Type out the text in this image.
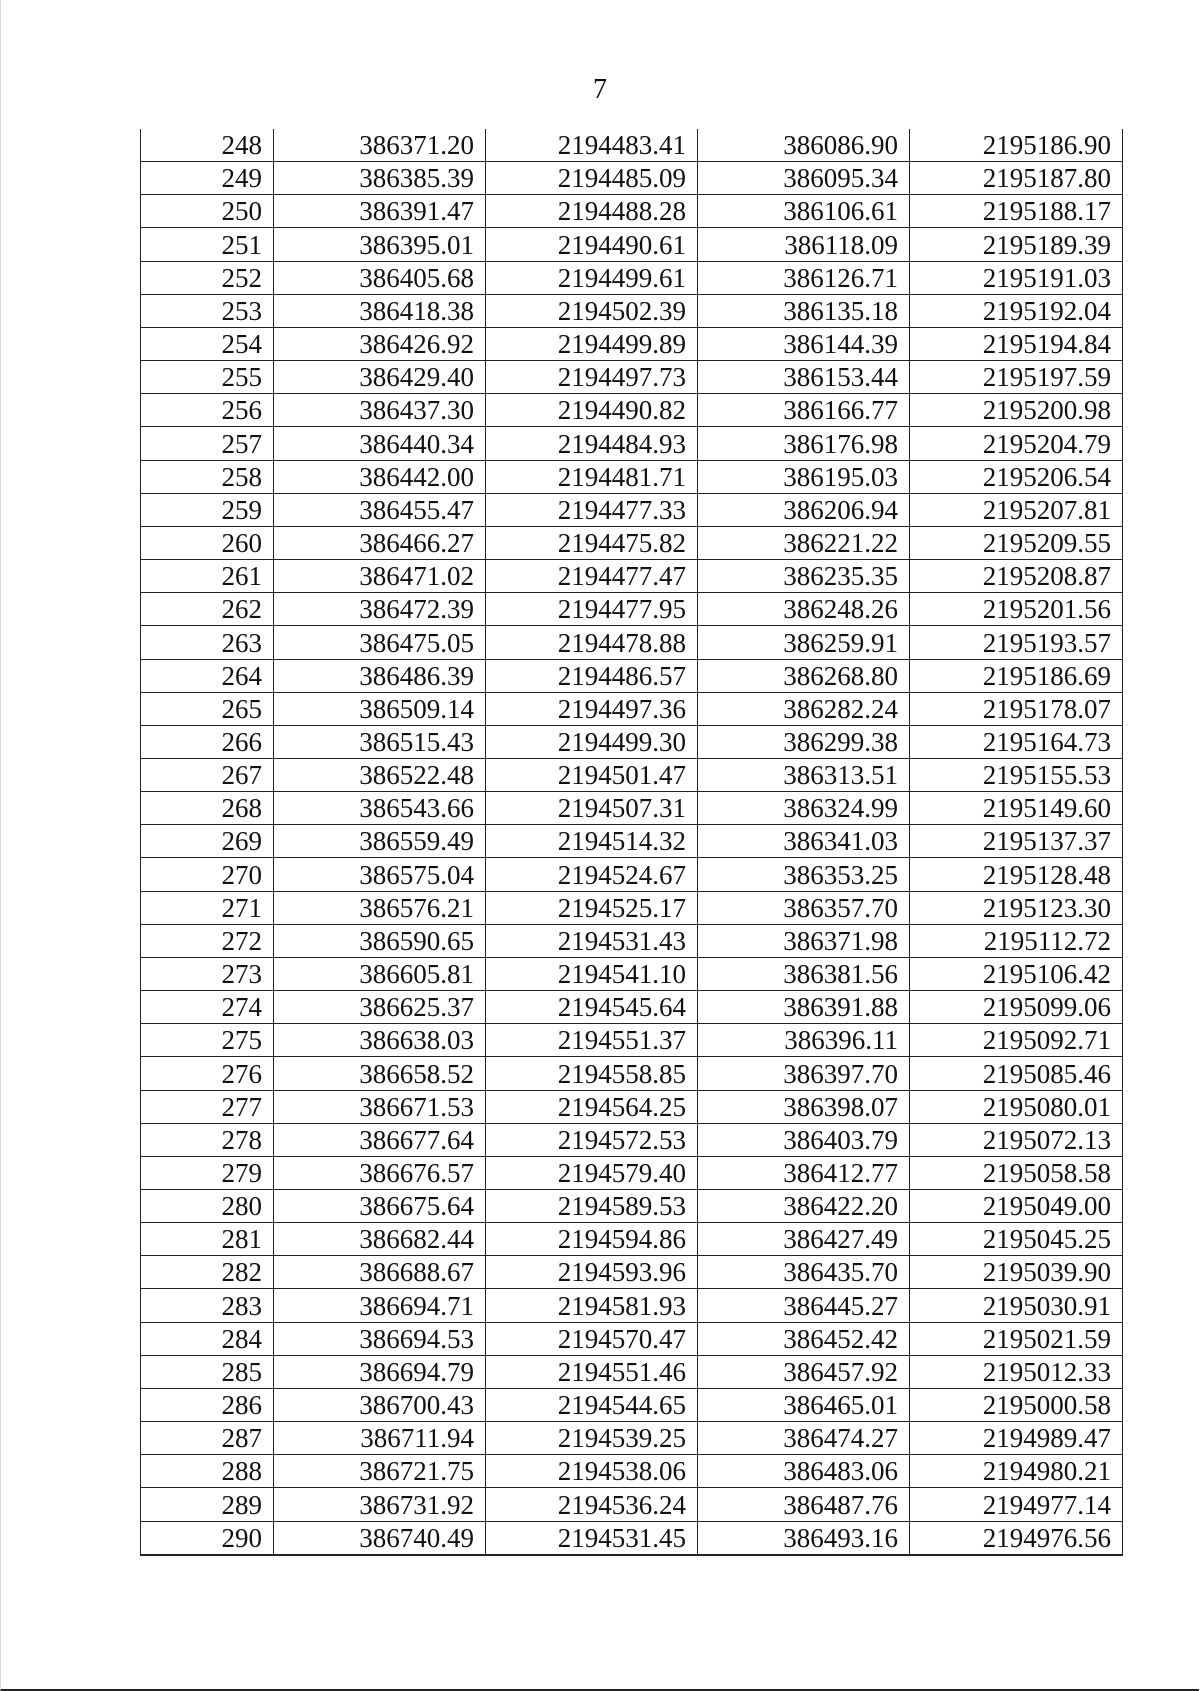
7
248	386371.20	2194483.41	386086.90	2195186.90
249	386385.39	2194485.09	386095.34	2195187.80
250	386391.47	2194488.28	386106.61	2195188.17
251	386395.01	2194490.61	386118.09	2195189.39
252	386405.68	2194499.61	386126.71	2195191.03
253	386418.38	2194502.39	386135.18	2195192.04
254	386426.92	2194499.89	386144.39	2195194.84
255	386429.40	2194497.73	386153.44	2195197.59
256	386437.30	2194490.82	386166.77	2195200.98
257	386440.34	2194484.93	386176.98	2195204.79
258	386442.00	2194481.71	386195.03	2195206.54
259	386455.47	2194477.33	386206.94	2195207.81
260	386466.27	2194475.82	386221.22	2195209.55
261	386471.02	2194477.47	386235.35	2195208.87
262	386472.39	2194477.95	386248.26	2195201.56
263	386475.05	2194478.88	386259.91	2195193.57
264	386486.39	2194486.57	386268.80	2195186.69
265	386509.14	2194497.36	386282.24	2195178.07
266	386515.43	2194499.30	386299.38	2195164.73
267	386522.48	2194501.47	386313.51	2195155.53
268	386543.66	2194507.31	386324.99	2195149.60
269	386559.49	2194514.32	386341.03	2195137.37
270	386575.04	2194524.67	386353.25	2195128.48
271	386576.21	2194525.17	386357.70	2195123.30
272	386590.65	2194531.43	386371.98	2195112.72
273	386605.81	2194541.10	386381.56	2195106.42
274	386625.37	2194545.64	386391.88	2195099.06
275	386638.03	2194551.37	386396.11	2195092.71
276	386658.52	2194558.85	386397.70	2195085.46
277	386671.53	2194564.25	386398.07	2195080.01
278	386677.64	2194572.53	386403.79	2195072.13
279	386676.57	2194579.40	386412.77	2195058.58
280	386675.64	2194589.53	386422.20	2195049.00
281	386682.44	2194594.86	386427.49	2195045.25
282	386688.67	2194593.96	386435.70	2195039.90
283	386694.71	2194581.93	386445.27	2195030.91
284	386694.53	2194570.47	386452.42	2195021.59
285	386694.79	2194551.46	386457.92	2195012.33
286	386700.43	2194544.65	386465.01	2195000.58
287	386711.94	2194539.25	386474.27	2194989.47
288	386721.75	2194538.06	386483.06	2194980.21
289	386731.92	2194536.24	386487.76	2194977.14
290	386740.49	2194531.45	386493.16	2194976.56
